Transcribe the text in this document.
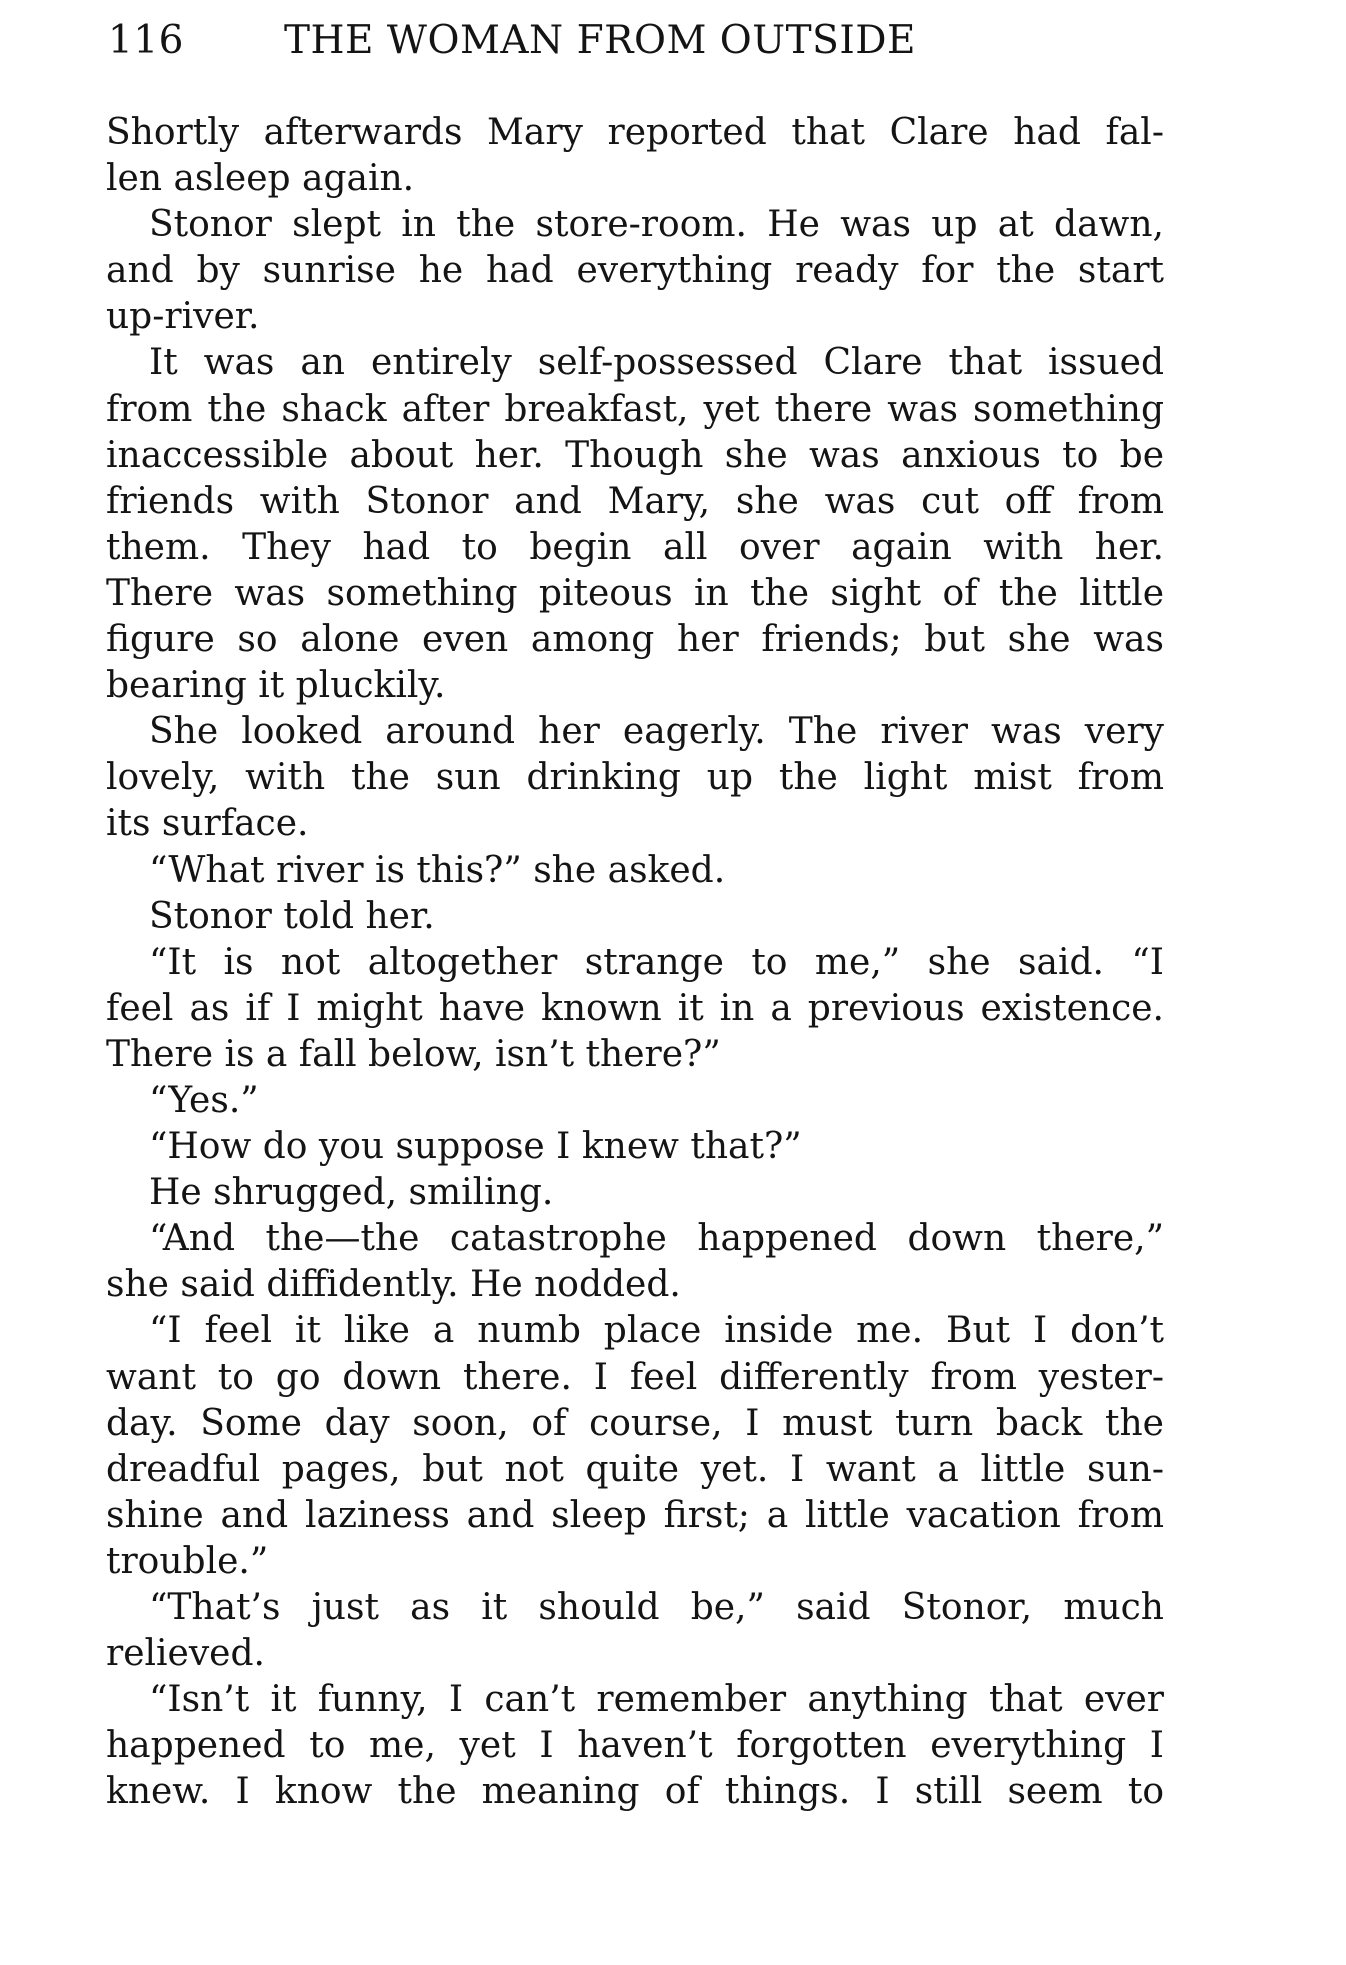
116	THE WOMAN FROM OUTSIDE
Shortly afterwards Mary reported that Clare had fal-
len asleep again.
Stonor slept in the store-room. He was up at dawn,
and by sunrise he had everything ready for the start
up-river.
It was an entirely self-possessed Clare that issued
from the shack after breakfast, yet there was something
inaccessible about her. Though she was anxious to be
friends with Stonor and Mary, she was cut off from
them. They had to begin all over again with her.
There was something piteous in the sight of the little
figure so alone even among her friends; but she was
bearing it pluckily.
She looked around her eagerly. The river was very
lovely, with the sun drinking up the light mist from
its surface.
“What river is this?” she asked.
Stonor told her.
“It is not altogether strange to me,” she said. “I
feel as if I might have known it in a previous existence.
There is a fall below, isn’t there?”
“Yes.”
“How do you suppose I knew that?”
He shrugged, smiling.
“And the—the catastrophe happened down there,”
she said diffidently. He nodded.
“I feel it like a numb place inside me. But I don’t
want to go down there. I feel differently from yester-
day. Some day soon, of course, I must turn back the
dreadful pages, but not quite yet. I want a little sun-
shine and laziness and sleep first; a little vacation from
trouble.”
“That’s just as it should be,” said Stonor, much
relieved.
“Isn’t it funny, I can’t remember anything that ever
happened to me, yet I haven’t forgotten everything I
knew. I know the meaning of things. I still seem to
